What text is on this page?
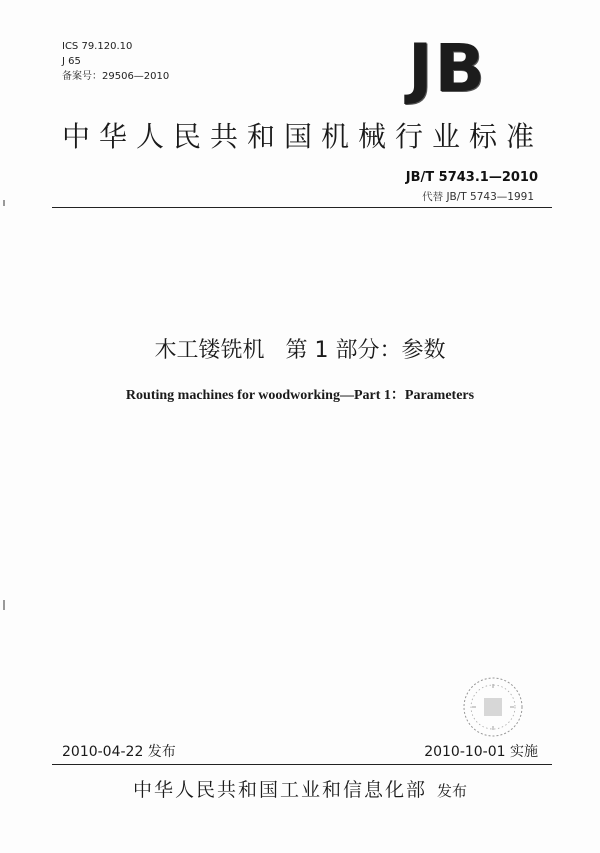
ICS 79.120.10
J 65
备案号：29506—2010	JB
中华人民共和国机械行业标准
JB/T 5743.1—2010
代替 JB/T 5743—1991
木工镂铣机   第 1 部分：参数
Routing machines for woodworking—Part 1：Parameters
2010-04-22 发布	2010-10-01 实施
中华人民共和国工业和信息化部 发布
